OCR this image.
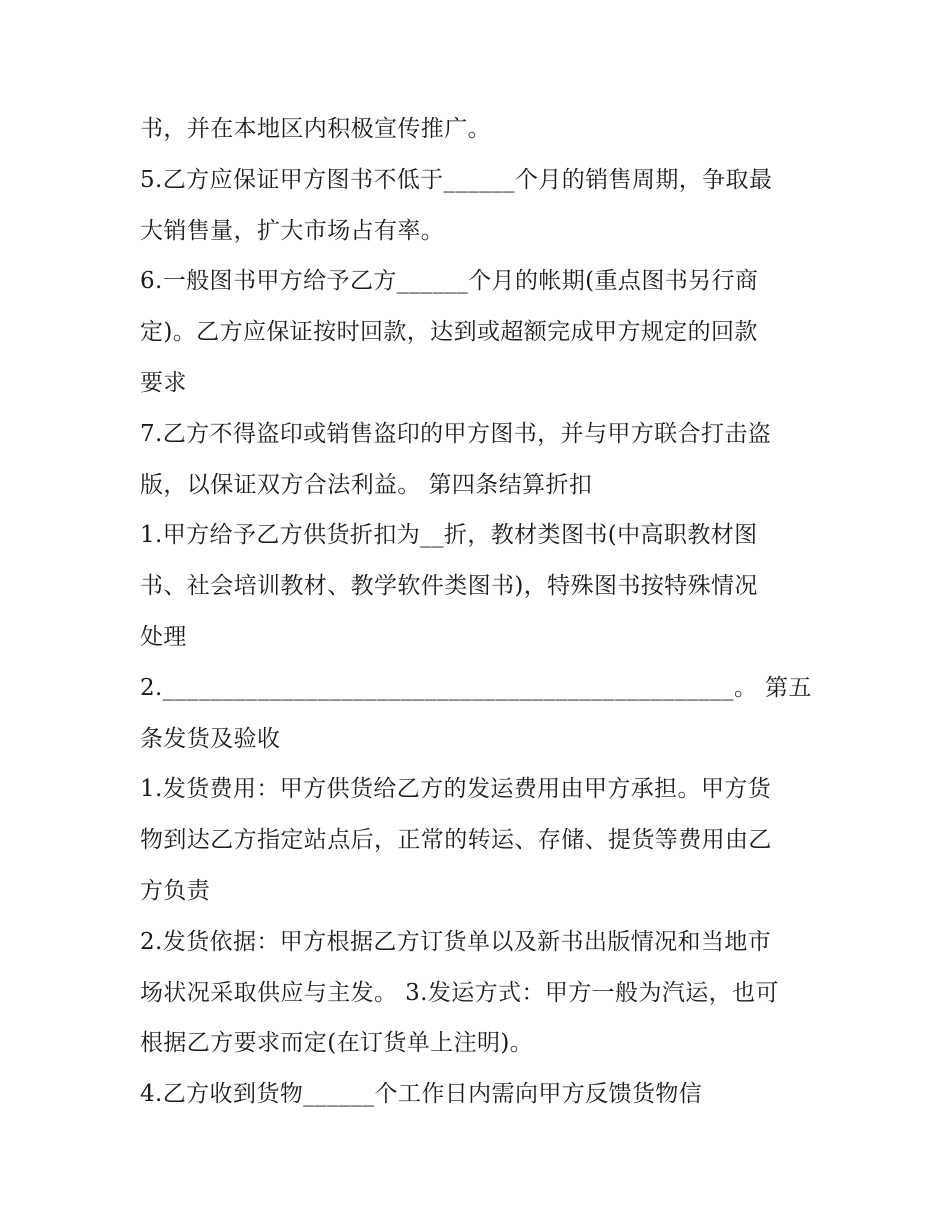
书，并在本地区内积极宣传推广。
5.乙方应保证甲方图书不低于______个月的销售周期，争取最
大销售量，扩大市场占有率。
6.一般图书甲方给予乙方______个月的帐期(重点图书另行商
定)。乙方应保证按时回款，达到或超额完成甲方规定的回款
要求
7.乙方不得盗印或销售盗印的甲方图书，并与甲方联合打击盗
版，以保证双方合法利益。 第四条结算折扣
1.甲方给予乙方供货折扣为__折，教材类图书(中高职教材图
书、社会培训教材、教学软件类图书)，特殊图书按特殊情况
处理
2.________________________________________________。 第五
条发货及验收
1.发货费用：甲方供货给乙方的发运费用由甲方承担。甲方货
物到达乙方指定站点后，正常的转运、存储、提货等费用由乙
方负责
2.发货依据：甲方根据乙方订货单以及新书出版情况和当地市
场状况采取供应与主发。 3.发运方式：甲方一般为汽运，也可
根据乙方要求而定(在订货单上注明)。
4.乙方收到货物______个工作日内需向甲方反馈货物信
